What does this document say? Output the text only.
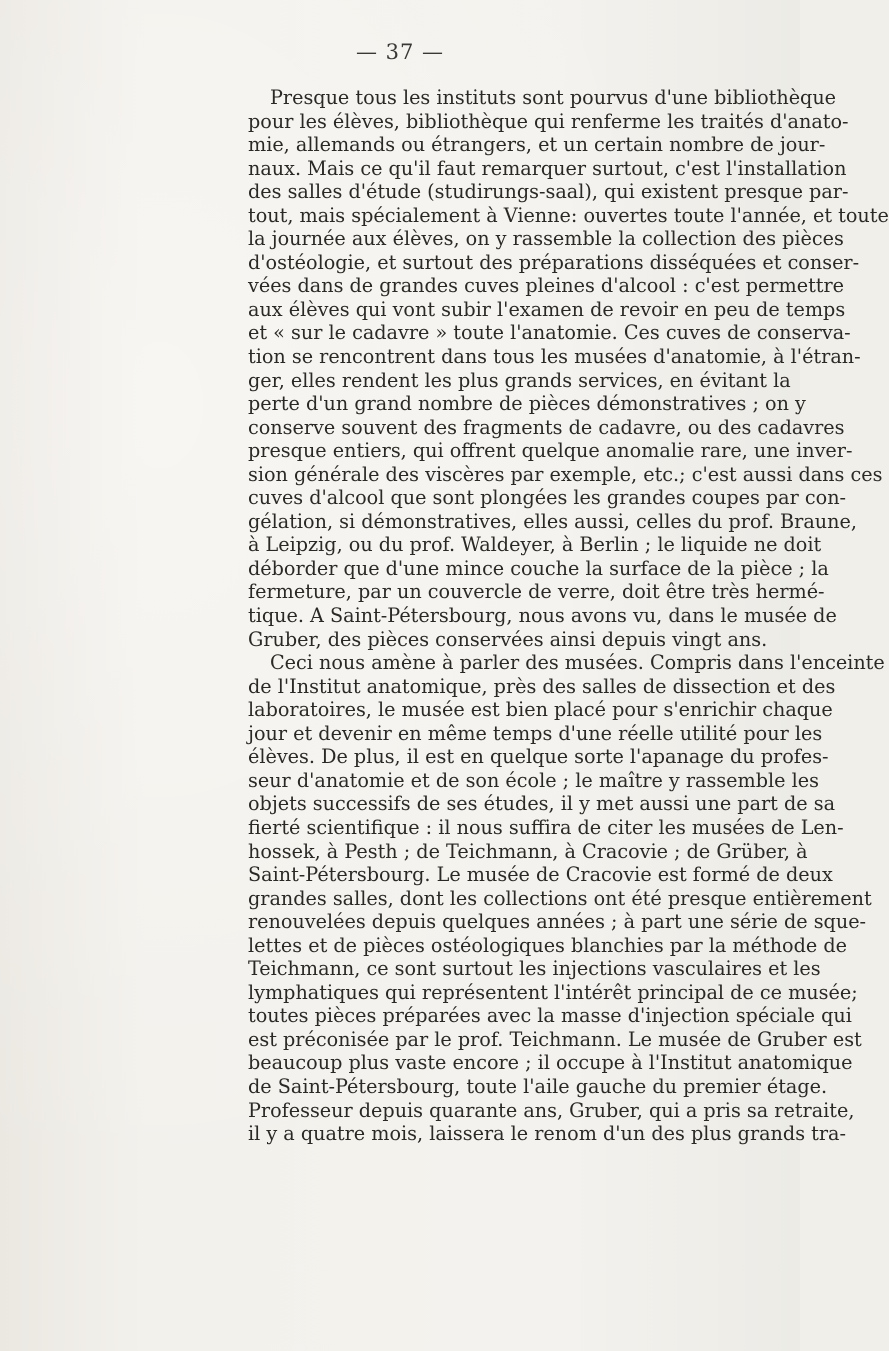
— 37 —
Presque tous les instituts sont pourvus d'une bibliothèque
pour les élèves, bibliothèque qui renferme les traités d'anato-
mie, allemands ou étrangers, et un certain nombre de jour-
naux. Mais ce qu'il faut remarquer surtout, c'est l'installation
des salles d'étude (studirungs-saal), qui existent presque par-
tout, mais spécialement à Vienne: ouvertes toute l'année, et toute
la journée aux élèves, on y rassemble la collection des pièces
d'ostéologie, et surtout des préparations disséquées et conser-
vées dans de grandes cuves pleines d'alcool : c'est permettre
aux élèves qui vont subir l'examen de revoir en peu de temps
et « sur le cadavre » toute l'anatomie. Ces cuves de conserva-
tion se rencontrent dans tous les musées d'anatomie, à l'étran-
ger, elles rendent les plus grands services, en évitant la
perte d'un grand nombre de pièces démonstratives ; on y
conserve souvent des fragments de cadavre, ou des cadavres
presque entiers, qui offrent quelque anomalie rare, une inver-
sion générale des viscères par exemple, etc.; c'est aussi dans ces
cuves d'alcool que sont plongées les grandes coupes par con-
gélation, si démonstratives, elles aussi, celles du prof. Braune,
à Leipzig, ou du prof. Waldeyer, à Berlin ; le liquide ne doit
déborder que d'une mince couche la surface de la pièce ; la
fermeture, par un couvercle de verre, doit être très hermé-
tique. A Saint-Pétersbourg, nous avons vu, dans le musée de
Gruber, des pièces conservées ainsi depuis vingt ans.
Ceci nous amène à parler des musées. Compris dans l'enceinte
de l'Institut anatomique, près des salles de dissection et des
laboratoires, le musée est bien placé pour s'enrichir chaque
jour et devenir en même temps d'une réelle utilité pour les
élèves. De plus, il est en quelque sorte l'apanage du profes-
seur d'anatomie et de son école ; le maître y rassemble les
objets successifs de ses études, il y met aussi une part de sa
fierté scientifique : il nous suffira de citer les musées de Len-
hossek, à Pesth ; de Teichmann, à Cracovie ; de Grüber, à
Saint-Pétersbourg. Le musée de Cracovie est formé de deux
grandes salles, dont les collections ont été presque entièrement
renouvelées depuis quelques années ; à part une série de sque-
lettes et de pièces ostéologiques blanchies par la méthode de
Teichmann, ce sont surtout les injections vasculaires et les
lymphatiques qui représentent l'intérêt principal de ce musée;
toutes pièces préparées avec la masse d'injection spéciale qui
est préconisée par le prof. Teichmann. Le musée de Gruber est
beaucoup plus vaste encore ; il occupe à l'Institut anatomique
de Saint-Pétersbourg, toute l'aile gauche du premier étage.
Professeur depuis quarante ans, Gruber, qui a pris sa retraite,
il y a quatre mois, laissera le renom d'un des plus grands tra-
